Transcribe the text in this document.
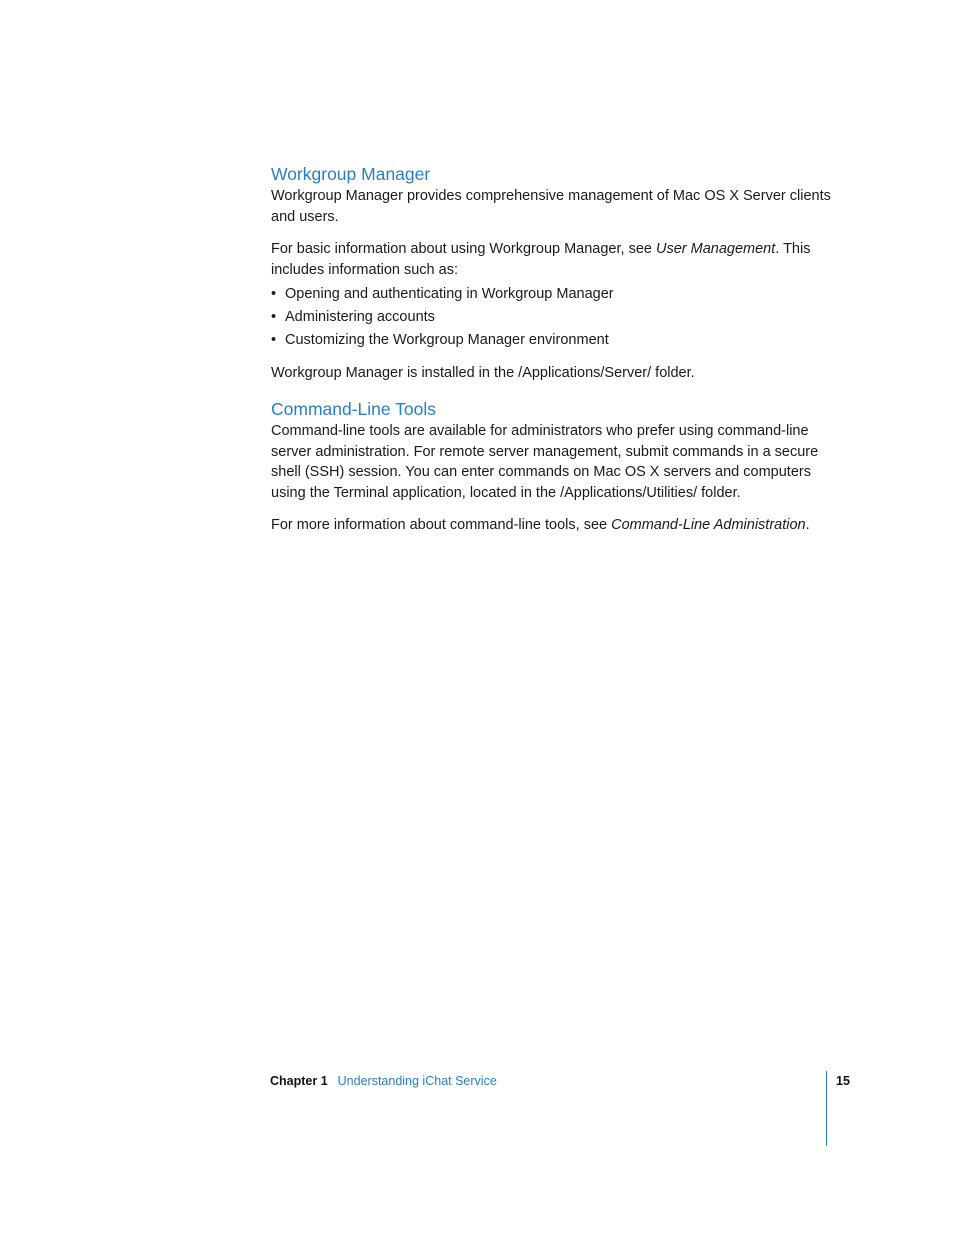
Workgroup Manager

Workgroup Manager provides comprehensive management of Mac OS X Server clients and users.

For basic information about using Workgroup Manager, see User Management. This includes information such as:

• Opening and authenticating in Workgroup Manager
• Administering accounts
• Customizing the Workgroup Manager environment

Workgroup Manager is installed in the /Applications/Server/ folder.

Command-Line Tools

Command-line tools are available for administrators who prefer using command-line server administration. For remote server management, submit commands in a secure shell (SSH) session. You can enter commands on Mac OS X servers and computers using the Terminal application, located in the /Applications/Utilities/ folder.

For more information about command-line tools, see Command-Line Administration.

Chapter 1 Understanding iChat Service	15
